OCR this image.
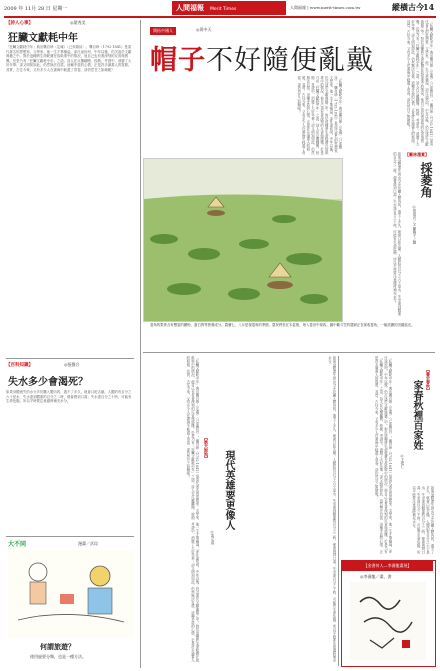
2009 年 11月 28 日 星期一	人間福報 Merit Times	人間福報 | www.merit-times.com.tw	縱橫古今 14
【詩人心事】	◎葉秀美
狂臟文獻耗中年
「狂臟文獻耗中年」典出龔自珍（定庵）〈己亥雜詩〉。龔自珍（1792-1841）是清代著名的思想家、文學家。他一生才華橫溢，卻仕途坎坷，中年以後，仍沉迷於文獻典籍之中。對於這種將生命耗費在故紙堆中的情況，他自己也有著深刻的反省與感慨。於是乃有「狂臟文獻耗中年」之語。詩人在反覆翻閱、校勘、考證中，消磨了大好年華；卻又明知如此，仍然無法自拔。這種矛盾的心情，正是許多讀書人的寫照。其實，古往今來，又有多少人在書海中耗盡了青春，卻仍然甘之如飴呢？
【百科知識】	◎張聲合
失水多少會渴死？
如果身體流失的水分多於攝入體內的，過不了多久，就會口乾舌燥。人體約有百分之六十是水，失水達到體重的百分之二時，便會感到口渴；失水達百分之十時，可能有生命危險。所以平時要注意適時補充水分。
大不同	漫畫／武琮
何謂旅遊？
使用過要分類，也是一種方法。
開拓中國人	◎黃中天
帽子不好隨便亂戴
「狂臟文獻耗中年」典出龔自珍（定庵）〈己亥雜詩〉。龔自珍（1792-1841）是清代著名的思想家、文學家。他一生才華橫溢，卻仕途坎坷，中年以後，仍沉迷於文獻典籍之中。對於這種將生命耗費在故紙堆中的情況，他自己也有著深刻的反省與感慨。於是乃有「狂臟文獻耗中年」之語。詩人在反覆翻閱、校勘、考證中，消磨了大好年華；卻又明知如此，仍然無法自拔。這種矛盾的心情，正是許多讀書人的寫照。其實，古往今來，又有多少人在書海中耗盡了青春，卻仍然甘之如飴呢？	「狂臟文獻耗中年」典出龔自珍（定庵）〈己亥雜詩〉。龔自珍（1792-1841）是清代著名的思想家、文學家。他一生才華橫溢，卻仕途坎坷，中年以後，仍沉迷於文獻典籍之中。對於這種將生命耗費在故紙堆中的情況，他自己也有著深刻的反省與感慨。於是乃有「狂臟文獻耗中年」之語。詩人在反覆翻閱、校勘、考證中，消磨了大好年華；卻又明知如此，仍然無法自拔。這種矛盾的心情，正是許多讀書人的寫照。其實，古往今來，又有多少人在書海中耗盡了青春，卻仍然甘之如飴呢？
【藝林漫賞】
採菱角
◎曾景沢／文 陳雅子／圖
如果身體流失的水分多於攝入體內的，過不了多久，就會口乾舌燥。人體約有百分之六十是水，失水達到體重的百分之二時，便會感到口渴；失水達百分之十時，可能有生命危險。所以平時要注意適時補充水分。
菱角的果實含有豐富的澱粉、蛋白質等營養成分。農曆七、八月是採菱角的季節，農民們坐在木盆裡，划入菱田中採收。圖中戴斗笠的農婦正在採收菱角，一幅美麗的田園風光。
「狂臟文獻耗中年」典出龔自珍（定庵）〈己亥雜詩〉。龔自珍（1792-1841）是清代著名的思想家、文學家。他一生才華橫溢，卻仕途坎坷，中年以後，仍沉迷於文獻典籍之中。對於這種將生命耗費在故紙堆中的情況，他自己也有著深刻的反省與感慨。於是乃有「狂臟文獻耗中年」之語。詩人在反覆翻閱、校勘、考證中，消磨了大好年華；卻又明知如此，仍然無法自拔。這種矛盾的心情，正是許多讀書人的寫照。其實，古往今來，又有多少人在書海中耗盡了青春，卻仍然甘之如飴呢？	【談天說地】
現代英雄要更像人
◎黃元清	如果身體流失的水分多於攝入體內的，過不了多久，就會口乾舌燥。人體約有百分之六十是水，失水達到體重的百分之二時，便會感到口渴；失水達百分之十時，可能有生命危險。所以平時要注意適時補充水分。	「狂臟文獻耗中年」典出龔自珍（定庵）〈己亥雜詩〉。龔自珍（1792-1841）是清代著名的思想家、文學家。他一生才華橫溢，卻仕途坎坷，中年以後，仍沉迷於文獻典籍之中。對於這種將生命耗費在故紙堆中的情況，他自己也有著深刻的反省與感慨。於是乃有「狂臟文獻耗中年」之語。詩人在反覆翻閱、校勘、考證中，消磨了大好年華；卻又明知如此，仍然無法自拔。這種矛盾的心情，正是許多讀書人的寫照。其實，古往今來，又有多少人在書海中耗盡了青春，卻仍然甘之如飴呢？	【書史春秋】
家春秋裡百家姓
◎王侃仁
如果身體流失的水分多於攝入體內的，過不了多久，就會口乾舌燥。人體約有百分之六十是水，失水達到體重的百分之二時，便會感到口渴；失水達百分之十時，可能有生命危險。所以平時要注意適時補充水分。
【金書何人—李壽龍畫展】
◎李壽龍／畫、書
